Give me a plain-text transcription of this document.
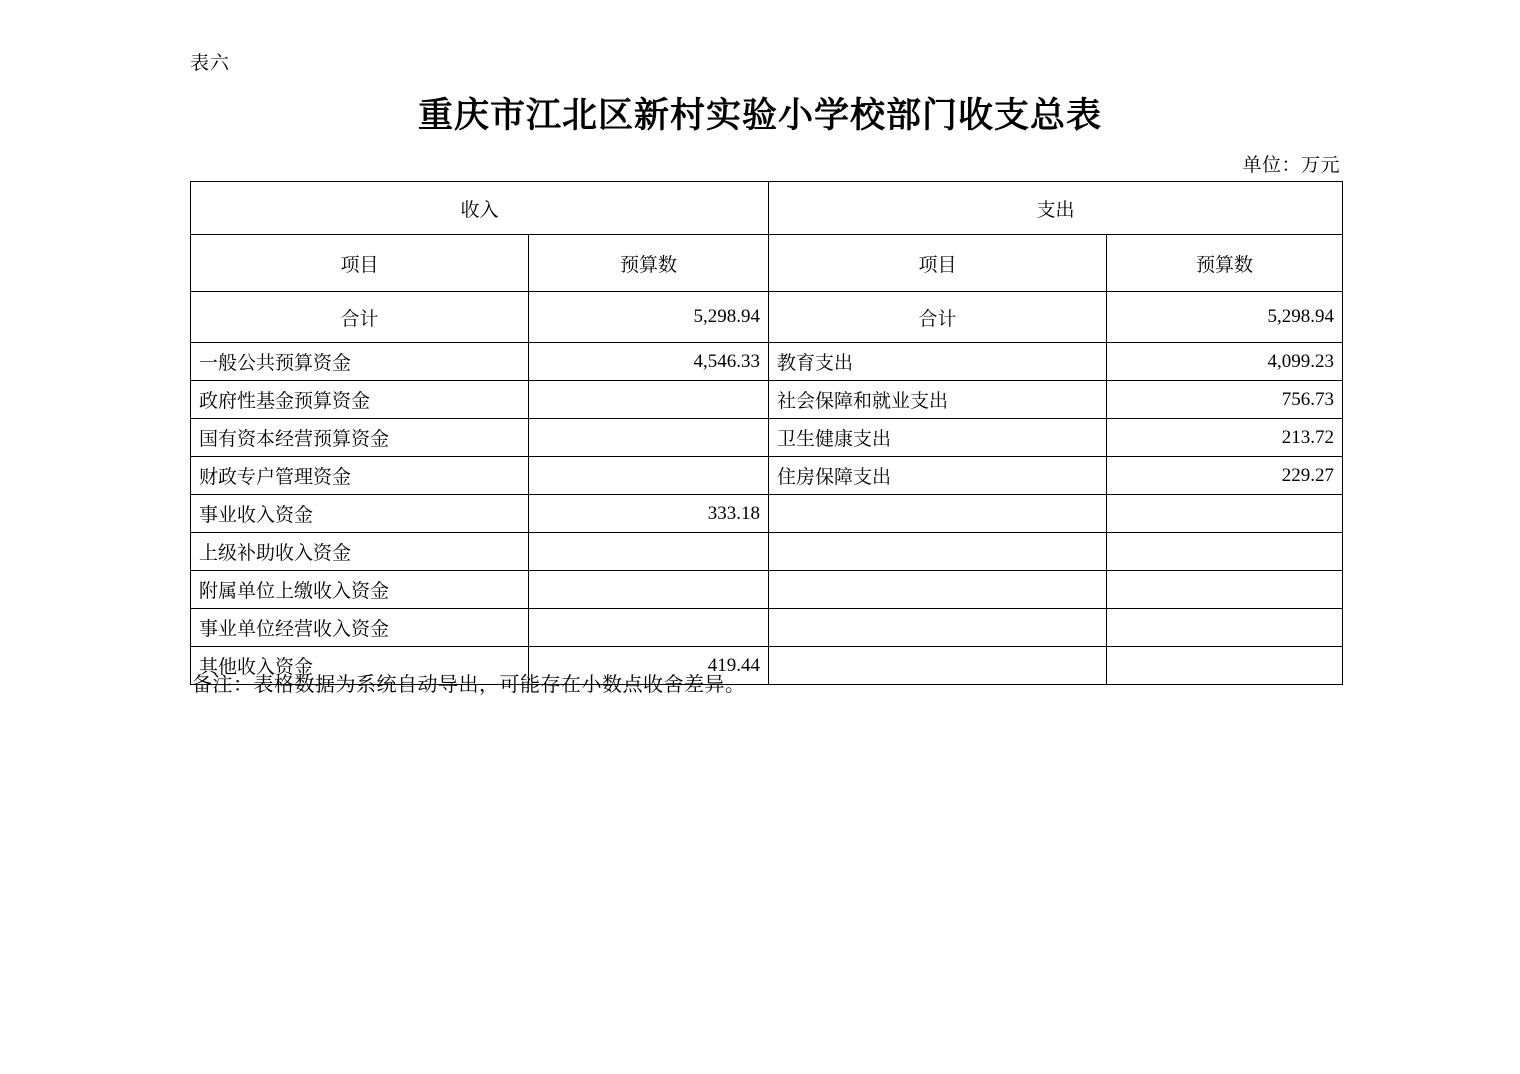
表六
重庆市江北区新村实验小学校部门收支总表
单位：万元
收入		支出	
项目	预算数	项目	预算数
合计	5,298.94	合计	5,298.94
一般公共预算资金	4,546.33	教育支出	4,099.23
政府性基金预算资金		社会保障和就业支出	756.73
国有资本经营预算资金		卫生健康支出	213.72
财政专户管理资金		住房保障支出	229.27
事业收入资金	333.18		
上级补助收入资金			
附属单位上缴收入资金			
事业单位经营收入资金			
其他收入资金	419.44		
备注：表格数据为系统自动导出，可能存在小数点收舍差异。
